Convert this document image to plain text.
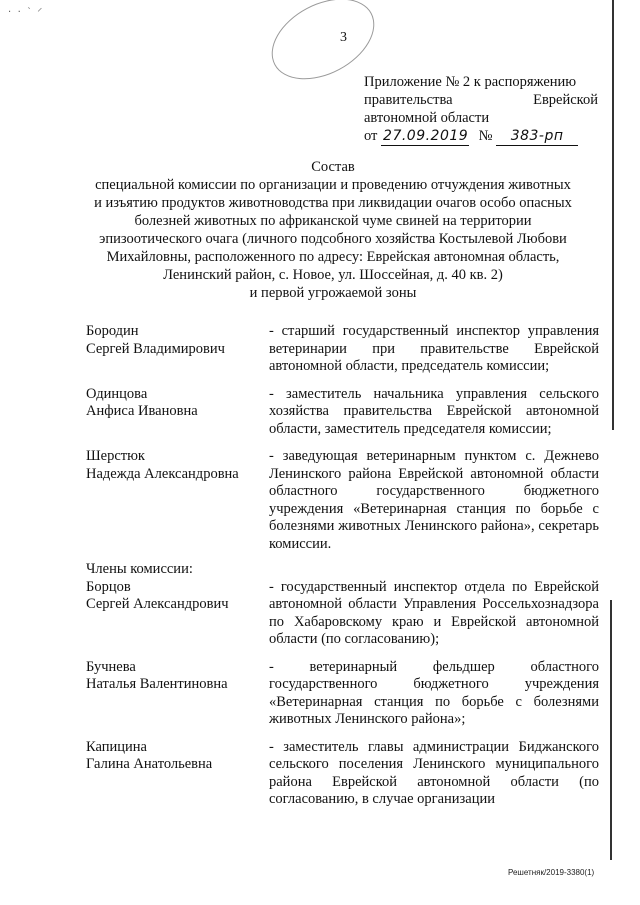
‧ ‧ ˋ ⸍
3
Приложение № 2 к распоряжению
правительства	Еврейской
автономной области
от 27.09.2019 № 383-рп
Состав
специальной комиссии по организации и проведению отчуждения животных
и изъятию продуктов животноводства при ликвидации очагов особо опасных
болезней животных по африканской чуме свиней на территории
эпизоотического очага (личного подсобного хозяйства Костылевой Любови
Михайловны, расположенного по адресу: Еврейская автономная область,
Ленинский район, с. Новое, ул. Шоссейная, д. 40 кв. 2)
и первой угрожаемой зоны
Бородин
Сергей Владимирович
- старший государственный инспектор управления ветеринарии при правительстве Еврейской автономной области, председатель комиссии;
Одинцова
Анфиса Ивановна
- заместитель начальника управления сельского хозяйства правительства Еврейской автономной области, заместитель председателя комиссии;
Шерстюк
Надежда Александровна
- заведующая ветеринарным пунктом с. Дежнево Ленинского района Еврейской автономной области областного государственного бюджетного учреждения «Ветеринарная станция по борьбе с болезнями животных Ленинского района», секретарь комиссии.
Члены комиссии:
Борцов
Сергей Александрович
- государственный инспектор отдела по Еврейской автономной области Управления Россельхознадзора по Хабаровскому краю и Еврейской автономной области (по согласованию);
Бучнева
Наталья Валентиновна
- ветеринарный фельдшер областного государственного бюджетного учреждения «Ветеринарная станция по борьбе с болезнями животных Ленинского района»;
Капицина
Галина Анатольевна
- заместитель главы администрации Биджанского сельского поселения Ленинского муниципального района Еврейской автономной области (по согласованию, в случае организации
Решетняк/2019-3380(1)
